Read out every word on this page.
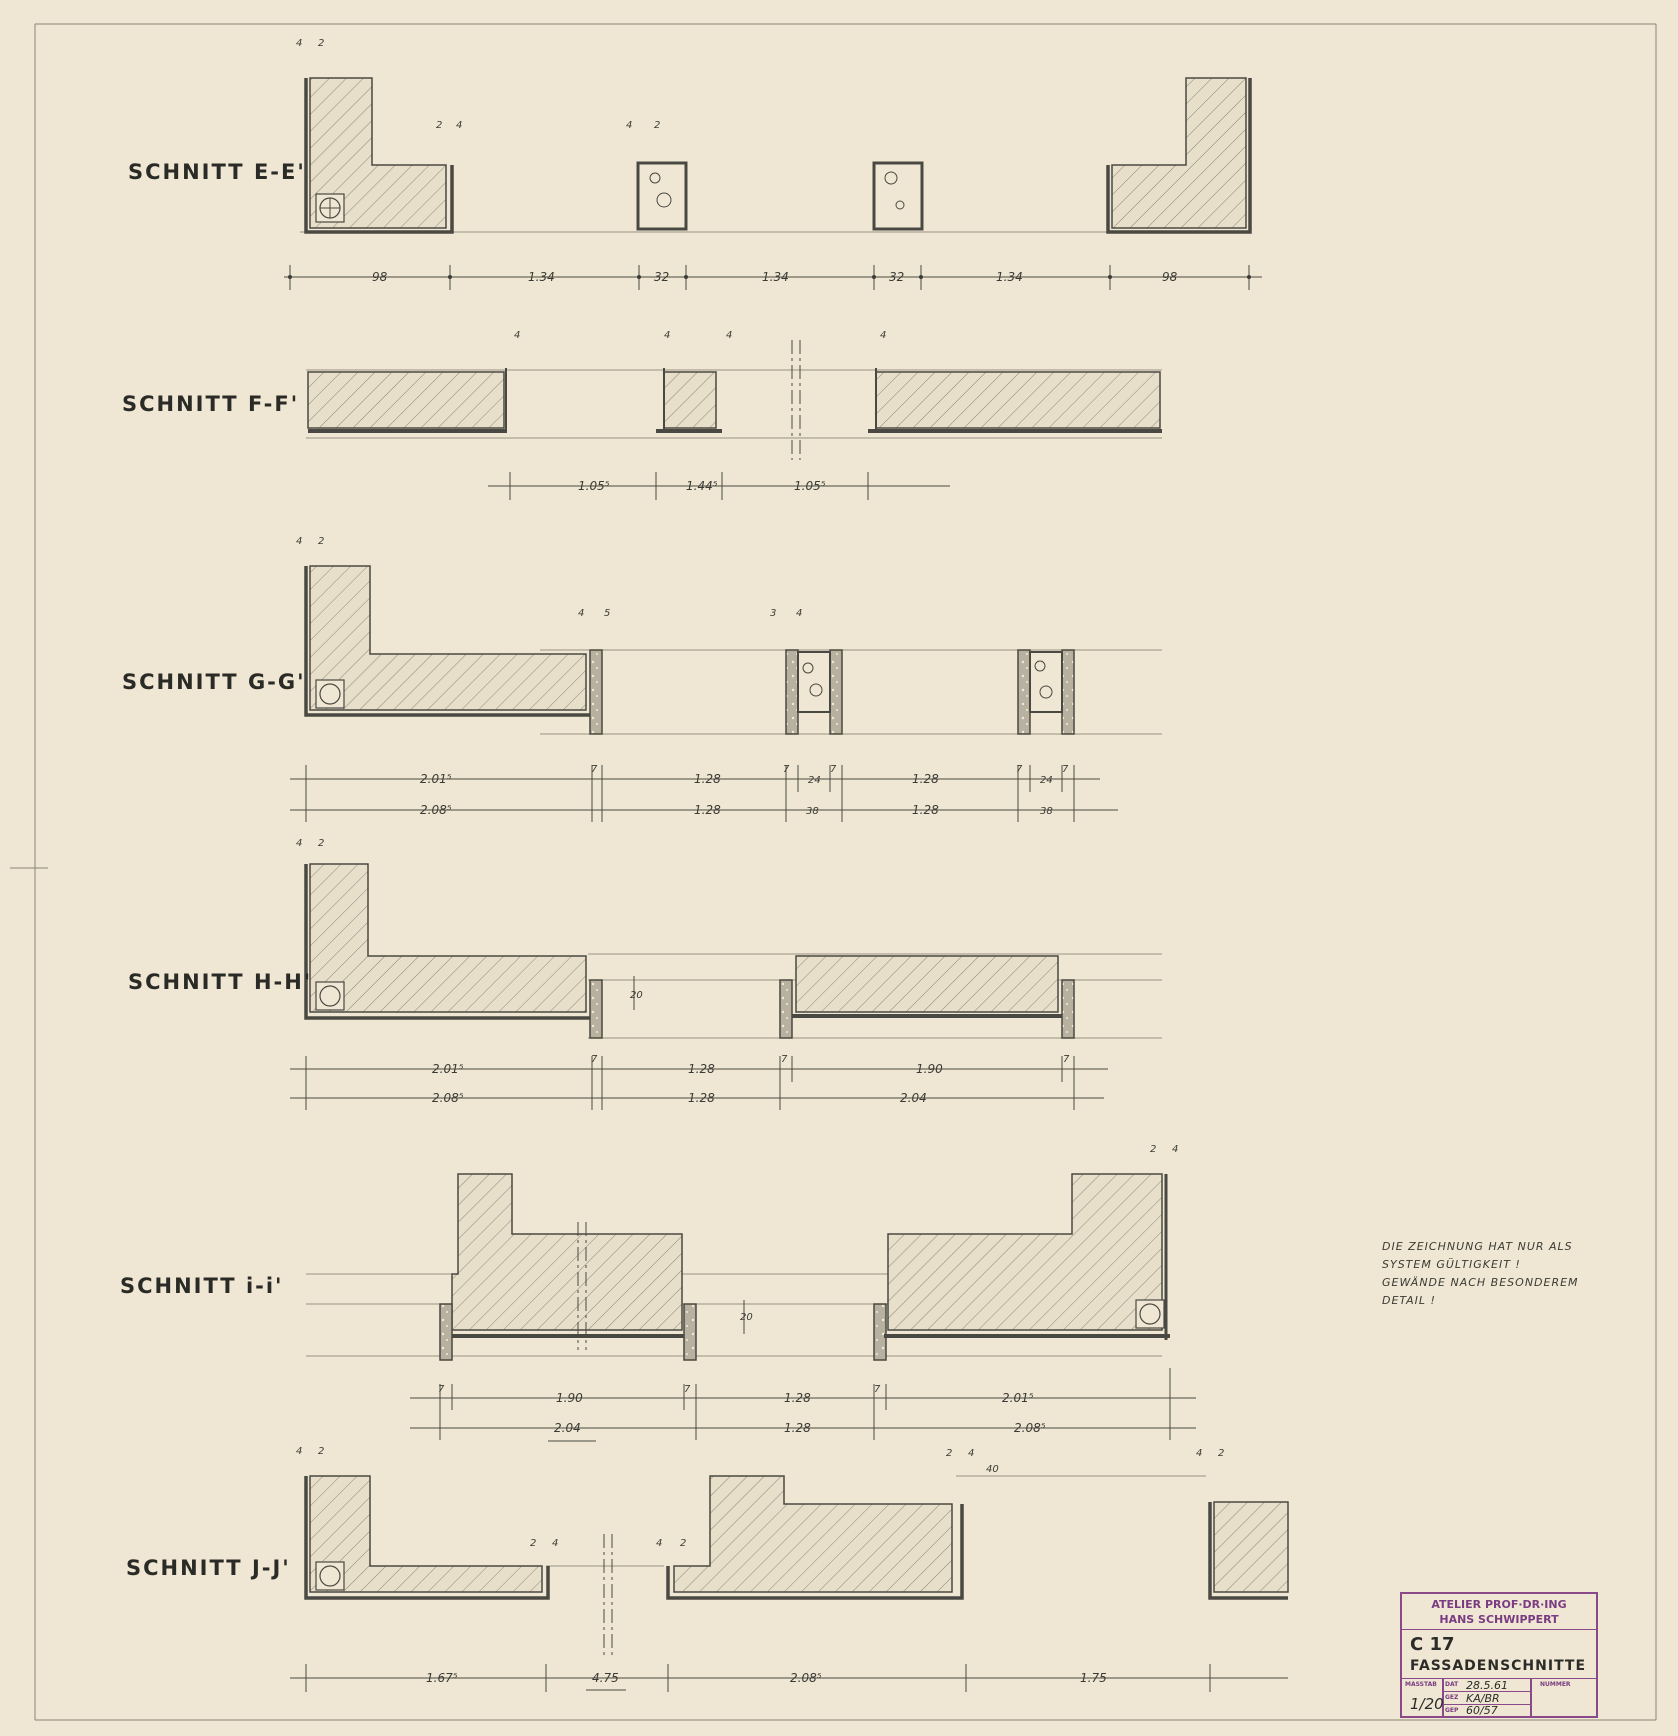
98	1.34	32	1.34	32	1.34	98
4 2
2 4	4 2
1.05⁵	1.44⁵	1.05⁵
4	4	4	4
2.01⁵
7
1.28
7
24
7
1.28
7
24
7
2.08⁵	1.28	38	1.28	38
4 2
4 5	3 4
2.01⁵
7
1.28
7
1.90
7
2.08⁵	1.28	2.04
4 2
20
7
1.90
7
1.28
7
2.01⁵
2.04	1.28	2.08⁵
2 4
20
1.67⁵	4.75	2.08⁵	1.75
4 2
2 4	4 2
2 4	4 2
40
SCHNITT E-E'
SCHNITT F-F'
SCHNITT G-G'
SCHNITT H-H'
SCHNITT i-i'
SCHNITT J-J'
DIE ZEICHNUNG HAT NUR ALS
SYSTEM GÜLTIGKEIT !
GEWÄNDE NACH BESONDEREM
DETAIL !
ATELIER PROF·DR·ING
HANS SCHWIPPERT
C 17
FASSADENSCHNITTE
MASSTAB
1/20
DAT 28.5.61
GEZ KA/BR
GEP 60/57
NUMMER
